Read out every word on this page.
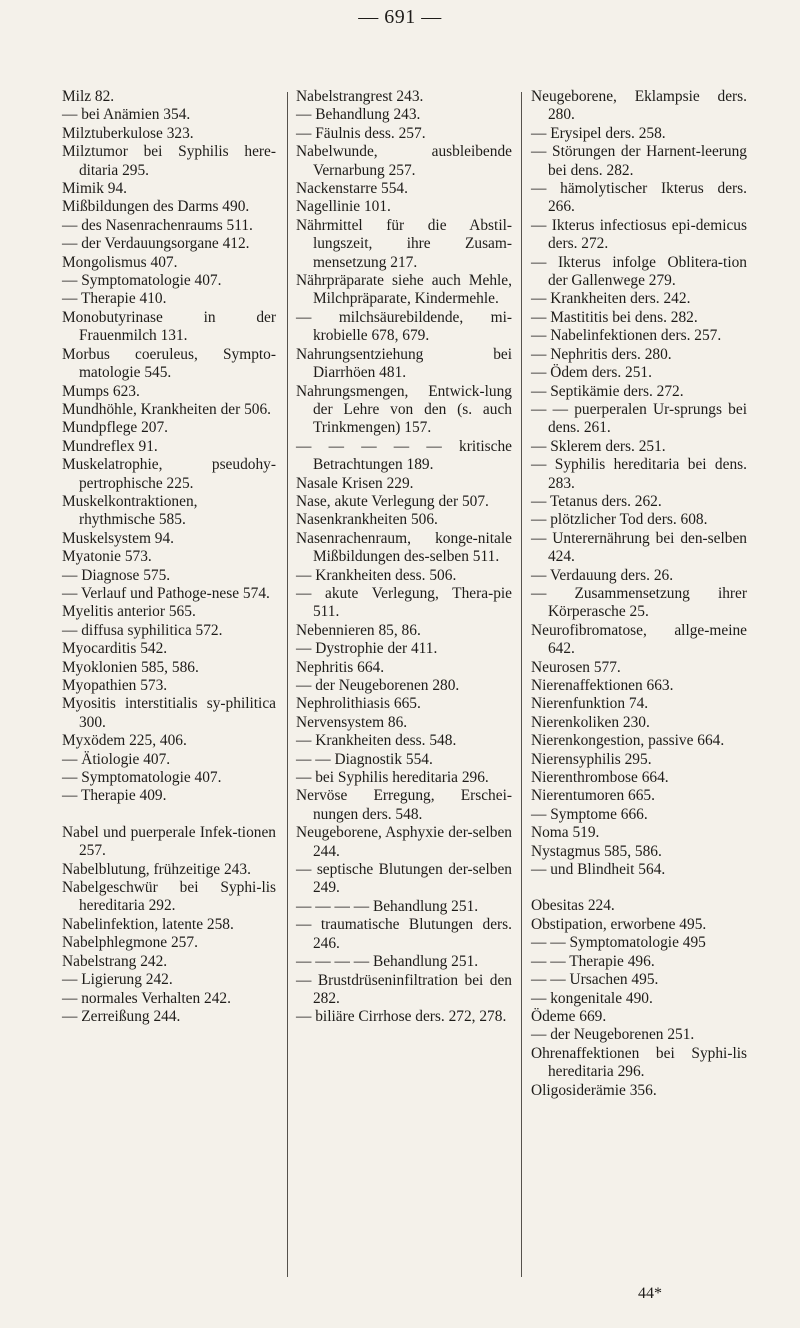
— 691 —
Milz 82.
— bei Anämien 354.
Milztuberkulose 323.
Milztumor bei Syphilis here-ditaria 295.
Mimik 94.
Mißbildungen des Darms 490.
— des Nasenrachenraums 511.
— der Verdauungsorgane 412.
Mongolismus 407.
— Symptomatologie 407.
— Therapie 410.
Monobutyrinase in der Frauenmilch 131.
Morbus coeruleus, Sympto-matologie 545.
Mumps 623.
Mundhöhle, Krankheiten der 506.
Mundpflege 207.
Mundreflex 91.
Muskelatrophie, pseudohy-pertrophische 225.
Muskelkontraktionen, rhythmische 585.
Muskelsystem 94.
Myatonie 573.
— Diagnose 575.
— Verlauf und Pathoge-nese 574.
Myelitis anterior 565.
— diffusa syphilitica 572.
Myocarditis 542.
Myoklonien 585, 586.
Myopathien 573.
Myositis interstitialis sy-philitica 300.
Myxödem 225, 406.
— Ätiologie 407.
— Symptomatologie 407.
— Therapie 409.
Nabel und puerperale Infek-tionen 257.
Nabelblutung, frühzeitige 243.
Nabelgeschwür bei Syphi-lis hereditaria 292.
Nabelinfektion, latente 258.
Nabelphlegmone 257.
Nabelstrang 242.
— Ligierung 242.
— normales Verhalten 242.
— Zerreißung 244.
Nabelstrangrest 243.
— Behandlung 243.
— Fäulnis dess. 257.
Nabelwunde, ausbleibende Vernarbung 257.
Nackenstarre 554.
Nagellinie 101.
Nährmittel für die Abstil-lungszeit, ihre Zusam-mensetzung 217.
Nährpräparate siehe auch Mehle, Milchpräparate, Kindermehle.
— milchsäurebildende, mi-krobielle 678, 679.
Nahrungsentziehung bei Diarrhöen 481.
Nahrungsmengen, Entwick-lung der Lehre von den (s. auch Trinkmengen) 157.
— — — — — kritische Betrachtungen 189.
Nasale Krisen 229.
Nase, akute Verlegung der 507.
Nasenkrankheiten 506.
Nasenrachenraum, konge-nitale Mißbildungen des-selben 511.
— Krankheiten dess. 506.
— akute Verlegung, Thera-pie 511.
Nebennieren 85, 86.
— Dystrophie der 411.
Nephritis 664.
— der Neugeborenen 280.
Nephrolithiasis 665.
Nervensystem 86.
— Krankheiten dess. 548.
— — Diagnostik 554.
— bei Syphilis hereditaria 296.
Nervöse Erregung, Erschei-nungen ders. 548.
Neugeborene, Asphyxie der-selben 244.
— septische Blutungen der-selben 249.
— — — — Behandlung 251.
— traumatische Blutungen ders. 246.
— — — — Behandlung 251.
— Brustdrüseninfiltration bei den 282.
— biliäre Cirrhose ders. 272, 278.
Neugeborene, Eklampsie ders. 280.
— Erysipel ders. 258.
— Störungen der Harnent-leerung bei dens. 282.
— hämolytischer Ikterus ders. 266.
— Ikterus infectiosus epi-demicus ders. 272.
— Ikterus infolge Oblitera-tion der Gallenwege 279.
— Krankheiten ders. 242.
— Mastititis bei dens. 282.
— Nabelinfektionen ders. 257.
— Nephritis ders. 280.
— Ödem ders. 251.
— Septikämie ders. 272.
— — puerperalen Ur-sprungs bei dens. 261.
— Sklerem ders. 251.
— Syphilis hereditaria bei dens. 283.
— Tetanus ders. 262.
— plötzlicher Tod ders. 608.
— Unterernährung bei den-selben 424.
— Verdauung ders. 26.
— Zusammensetzung ihrer Körperasche 25.
Neurofibromatose, allge-meine 642.
Neurosen 577.
Nierenaffektionen 663.
Nierenfunktion 74.
Nierenkoliken 230.
Nierenkongestion, passive 664.
Nierensyphilis 295.
Nierenthrombose 664.
Nierentumoren 665.
— Symptome 666.
Noma 519.
Nystagmus 585, 586.
— und Blindheit 564.
Obesitas 224.
Obstipation, erworbene 495.
— — Symptomatologie 495
— — Therapie 496.
— — Ursachen 495.
— kongenitale 490.
Ödeme 669.
— der Neugeborenen 251.
Ohrenaffektionen bei Syphi-lis hereditaria 296.
Oligosiderämie 356.
44*
